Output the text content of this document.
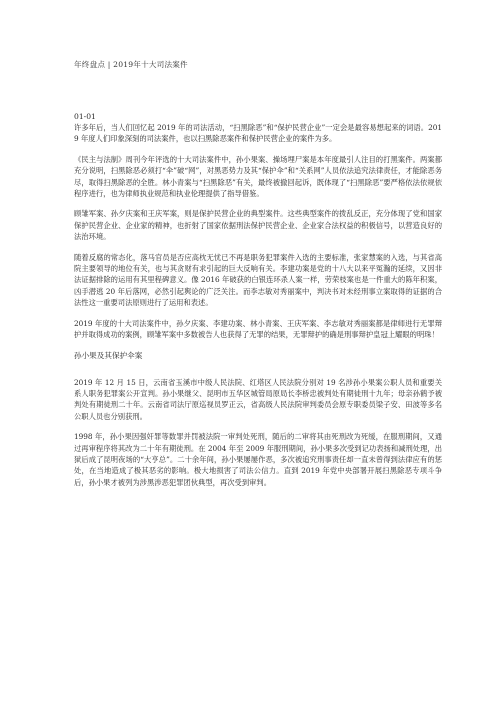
年终盘点 | 2019年十大司法案件
01-01

许多年后，当人们回忆起 2019 年的司法活动，“扫黑除恶”和“保护民营企业”一定会是最容易想起来的词语。2019 年度人们印象深刻的司法案件，也以扫黑除恶案件和保护民营企业的案件为多。

《民主与法制》周刊今年评选的十大司法案件中，孙小果案、操场埋尸案是本年度最引人注目的打黑案件。两案都充分说明，扫黑除恶必须打“伞”破“网”，对黑恶势力及其“保护伞”和“关系网”人员依法追究法律责任，才能除恶务尽，取得扫黑除恶的全胜。林小青案与“扫黑除恶”有关，最终被撤回起诉，既体现了“扫黑除恶”要严格依法依规依程序进行，也为律师执业规范和执业伦理提供了指导借鉴。

顾雏军案、孙夕庆案和王庆军案，则是保护民营企业的典型案件。这些典型案件的拨乱反正，充分体现了党和国家保护民营企业、企业家的精神，也折射了国家依据刑法保护民营企业、企业家合法权益的积极信号，以营造良好的法治环境。

随着反腐的常态化，落马官员是否应高枕无忧已不再是职务犯罪案件入选的主要标准，张家慧案的入选，与其省高院主要领导的地位有关，也与其贪财有求引起的巨大反响有关。李建功案是党的十八大以来平冤瀚的延续，又因非法证据排除的运用有其里程碑意义。像 2016 年破获的白银连环杀人案一样，劳荣枝案也是一件重大的陈年积案，凶手潜逃 20 年后落网，必然引起舆论的广泛关注。而李志敏对秀丽案中，判决书对未经刑事立案取得的证据的合法性这一重要司法原则进行了运用和表述。

2019 年度的十大司法案件中，孙夕庆案、李建功案、林小青案、王庆军案、李志敏对秀丽案都是律师进行无罪辩护并取得成功的案例，顾雏军案中多数被告人也获得了无罪的结果，无罪辩护的确是刑事辩护皇冠上耀眼的明珠！

孙小果及其保护伞案

2019 年 12 月 15 日，云南省玉溪市中级人民法院、红塔区人民法院分别对 19 名涉孙小果案公职人员和重要关系人职务犯罪案公开宣判。孙小果继父、昆明市五华区城管局原局长李桥忠被判处有期徒刑十九年；母亲孙鹤予被判处有期徒刑二十年。云南省司法厅原巡视员罗正云，省高级人民法院审判委员会原专职委员梁子安、田波等多名公职人员也分别获刑。

1998 年，孙小果因强奸罪等数罪并罚被法院一审判处死刑，随后的二审将其由死刑改为死缓，在服刑期间，又通过再审程序将其改为二十年有期徒刑。在 2004 年至 2009 年服刑期间，孙小果多次受到记功表扬和减刑处理，出狱后成了昆明夜场的“大亨总”。二十余年间，孙小果屡屡作恶，多次被追究刑事责任却一直未曾得到法律应有的惩处，在当地造成了极其恶劣的影响。极大地损害了司法公信力。直到 2019 年党中央部署开展扫黑除恶专项斗争后，孙小果才被列为涉黑涉恶犯罪团伙典型，再次受到审判。
